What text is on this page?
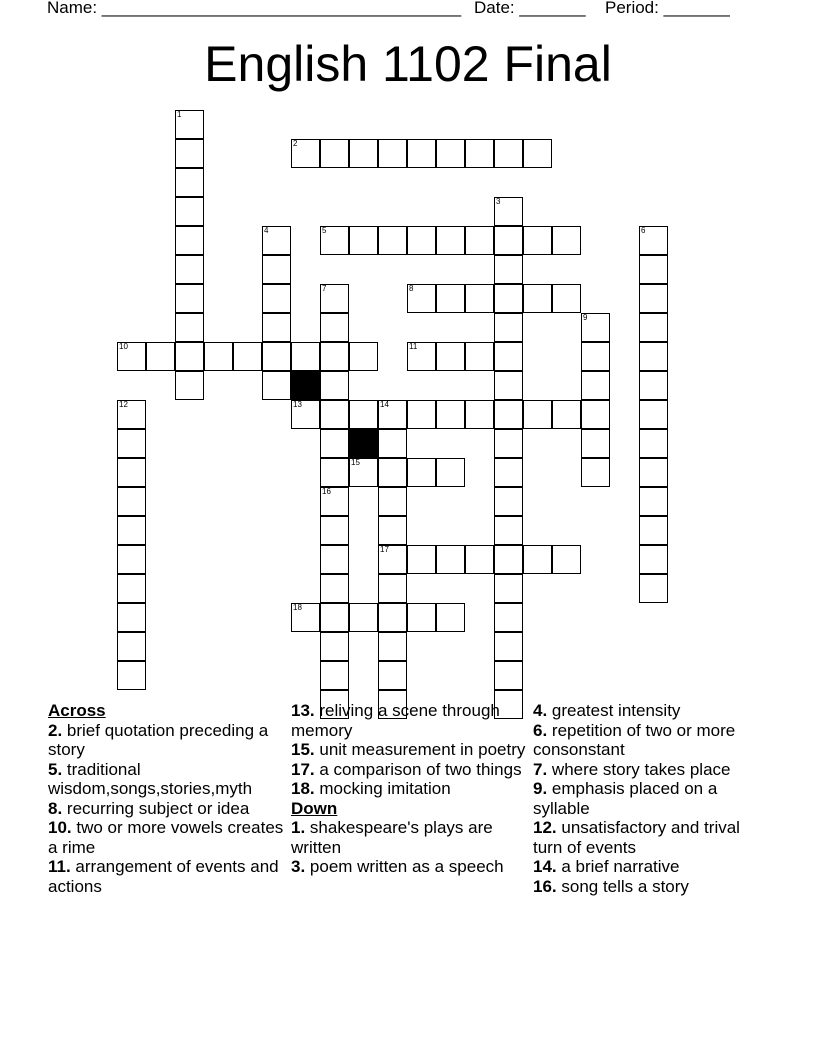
Name: ______________________________________ Date: _______ Period: _______
English 1102 Final
1
2
3
4	5	6
7
16
8
9
10	11
12	13	14
15
17
18
Across
2. brief quotation preceding a story
5. traditional wisdom,songs,stories,myth
8. recurring subject or idea
10. two or more vowels creates a rime
11. arrangement of events and actions
13. reliving a scene through memory
15. unit measurement in poetry
17. a comparison of two things
18. mocking imitation
Down
1. shakespeare's plays are written
3. poem written as a speech
4. greatest intensity
6. repetition of two or more consonstant
7. where story takes place
9. emphasis placed on a syllable
12. unsatisfactory and trival turn of events
14. a brief narrative
16. song tells a story
